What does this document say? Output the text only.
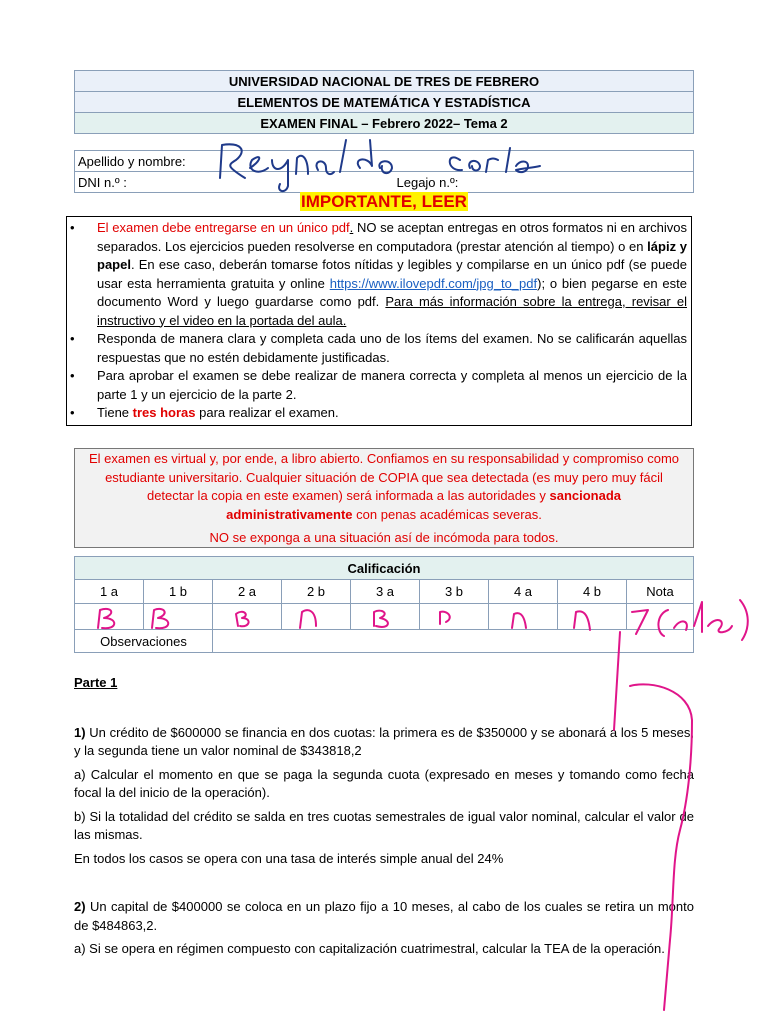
UNIVERSIDAD NACIONAL DE TRES DE FEBRERO
ELEMENTOS DE MATEMÁTICA Y ESTADÍSTICA
EXAMEN FINAL – Febrero 2022– Tema 2
Apellido y nombre:
DNI n.º :	Legajo n.º:
IMPORTANTE, LEER
• El examen debe entregarse en un único pdf. NO se aceptan entregas en otros formatos ni en archivos separados. Los ejercicios pueden resolverse en computadora (prestar atención al tiempo) o en lápiz y papel. En ese caso, deberán tomarse fotos nítidas y legibles y compilarse en un único pdf (se puede usar esta herramienta gratuita y online https://www.ilovepdf.com/jpg_to_pdf); o bien pegarse en este documento Word y luego guardarse como pdf. Para más información sobre la entrega, revisar el instructivo y el video en la portada del aula.

• Responda de manera clara y completa cada uno de los ítems del examen. No se calificarán aquellas respuestas que no estén debidamente justificadas.

• Para aprobar el examen se debe realizar de manera correcta y completa al menos un ejercicio de la parte 1 y un ejercicio de la parte 2.

• Tiene tres horas para realizar el examen.

El examen es virtual y, por ende, a libro abierto. Confiamos en su responsabilidad y compromiso como estudiante universitario. Cualquier situación de COPIA que sea detectada (es muy pero muy fácil detectar la copia en este examen) será informada a las autoridades y sancionada administrativamente con penas académicas severas.

NO se exponga a una situación así de incómoda para todos.

Calificación								
1 a	1 b	2 a	2 b	3 a	3 b	4 a	4 b	Nota

Observaciones								

Parte 1

1) Un crédito de $600000 se financia en dos cuotas: la primera es de $350000 y se abonará a los 5 meses, y la segunda tiene un valor nominal de $343818,2

a) Calcular el momento en que se paga la segunda cuota (expresado en meses y tomando como fecha focal la del inicio de la operación).

b) Si la totalidad del crédito se salda en tres cuotas semestrales de igual valor nominal, calcular el valor de las mismas.

En todos los casos se opera con una tasa de interés simple anual del 24%

2) Un capital de $400000 se coloca en un plazo fijo a 10 meses, al cabo de los cuales se retira un monto de $484863,2.

a) Si se opera en régimen compuesto con capitalización cuatrimestral, calcular la TEA de la operación.
